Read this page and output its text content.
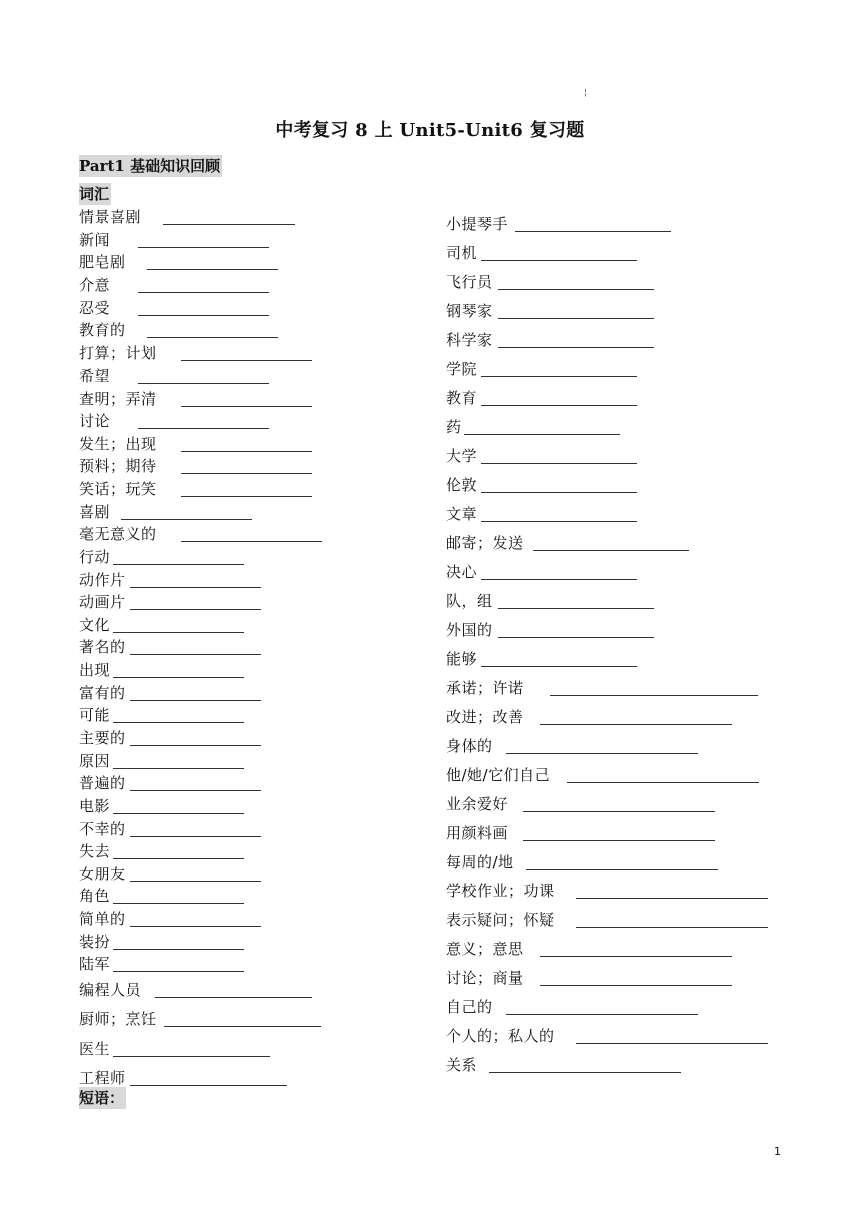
¦
中考复习 8 上 Unit5-Unit6 复习题
Part1 基础知识回顾
词汇
情景喜剧
新闻
肥皂剧
介意
忍受
教育的
打算；计划
希望
查明；弄清
讨论
发生；出现
预料；期待
笑话；玩笑
喜剧
毫无意义的
行动
动作片
动画片
文化
著名的
出现
富有的
可能
主要的
原因
普遍的
电影
不幸的
失去
女朋友
角色
简单的
装扮
陆军
编程人员
厨师；烹饪
医生
工程师
小提琴手
司机
飞行员
钢琴家
科学家
学院
教育
药
大学
伦敦
文章
邮寄；发送
决心
队，组
外国的
能够
承诺；许诺
改进；改善
身体的
他/她/它们自己
业余爱好
用颜料画
每周的/地
学校作业；功课
表示疑问；怀疑
意义；意思
讨论；商量
自己的
个人的；私人的
关系
短语：
1
